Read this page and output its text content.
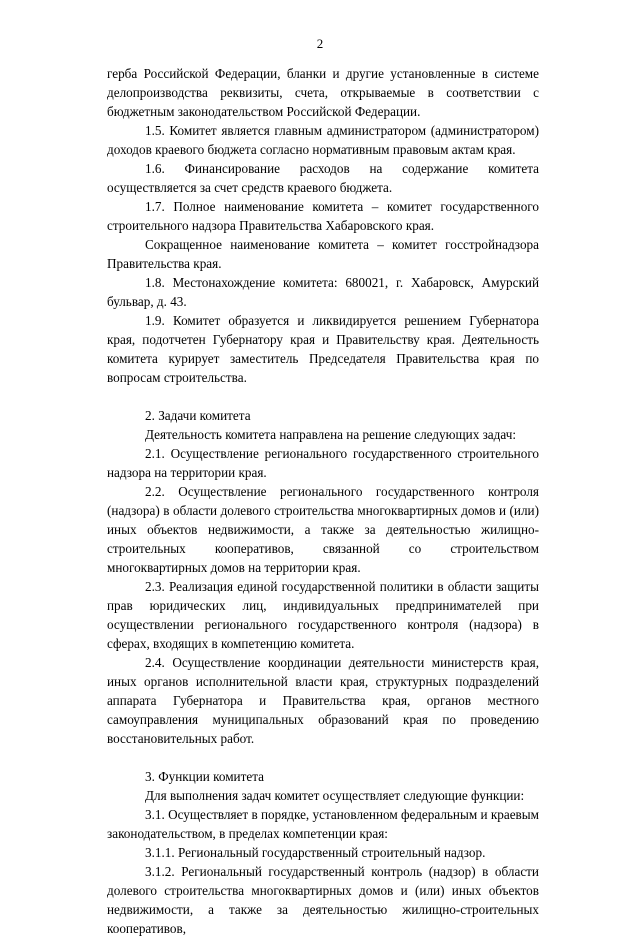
2

герба Российской Федерации, бланки и другие установленные в системе делопроизводства реквизиты, счета, открываемые в соответствии с бюджетным законодательством Российской Федерации.

1.5. Комитет является главным администратором (администратором) доходов краевого бюджета согласно нормативным правовым актам края.

1.6. Финансирование расходов на содержание комитета осуществляется за счет средств краевого бюджета.

1.7. Полное наименование комитета – комитет государственного строительного надзора Правительства Хабаровского края.

Сокращенное наименование комитета – комитет госстройнадзора Правительства края.

1.8. Местонахождение комитета: 680021, г. Хабаровск, Амурский бульвар, д. 43.

1.9. Комитет образуется и ликвидируется решением Губернатора края, подотчетен Губернатору края и Правительству края. Деятельность комитета курирует заместитель Председателя Правительства края по вопросам строительства.

2. Задачи комитета

Деятельность комитета направлена на решение следующих задач:

2.1. Осуществление регионального государственного строительного надзора на территории края.

2.2. Осуществление регионального государственного контроля (надзора) в области долевого строительства многоквартирных домов и (или) иных объектов недвижимости, а также за деятельностью жилищно-строительных кооперативов, связанной со строительством многоквартирных домов на территории края.

2.3. Реализация единой государственной политики в области защиты прав юридических лиц, индивидуальных предпринимателей при осуществлении регионального государственного контроля (надзора) в сферах, входящих в компетенцию комитета.

2.4. Осуществление координации деятельности министерств края, иных органов исполнительной власти края, структурных подразделений аппарата Губернатора и Правительства края, органов местного самоуправления муниципальных образований края по проведению восстановительных работ.

3. Функции комитета

Для выполнения задач комитет осуществляет следующие функции:

3.1. Осуществляет в порядке, установленном федеральным и краевым законодательством, в пределах компетенции края:

3.1.1. Региональный государственный строительный надзор.

3.1.2. Региональный государственный контроль (надзор) в области долевого строительства многоквартирных домов и (или) иных объектов недвижимости, а также за деятельностью жилищно-строительных кооперативов,
